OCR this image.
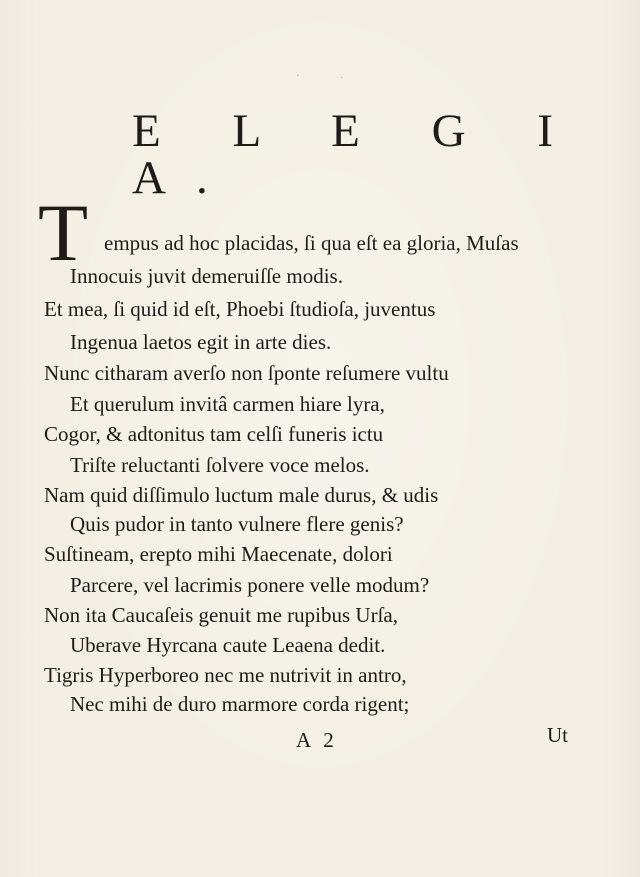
·	·
E L E G I A.
T empus ad hoc placidas, ſi qua eſt ea gloria, Muſas
Innocuis juvit demeruiſſe modis.
Et mea, ſi quid id eſt, Phoebi ſtudioſa, juventus
Ingenua laetos egit in arte dies.
Nunc citharam averſo non ſponte reſumere vultu
Et querulum invitâ carmen hiare lyra,
Cogor, & adtonitus tam celſi funeris ictu
Triſte reluctanti ſolvere voce melos.
Nam quid diſſimulo luctum male durus, & udis
Quis pudor in tanto vulnere flere genis?
Suſtineam, erepto mihi Maecenate, dolori
Parcere, vel lacrimis ponere velle modum?
Non ita Caucaſeis genuit me rupibus Urſa,
Uberave Hyrcana caute Leaena dedit.
Tigris Hyperboreo nec me nutrivit in antro,
Nec mihi de duro marmore corda rigent;
A 2	Ut
